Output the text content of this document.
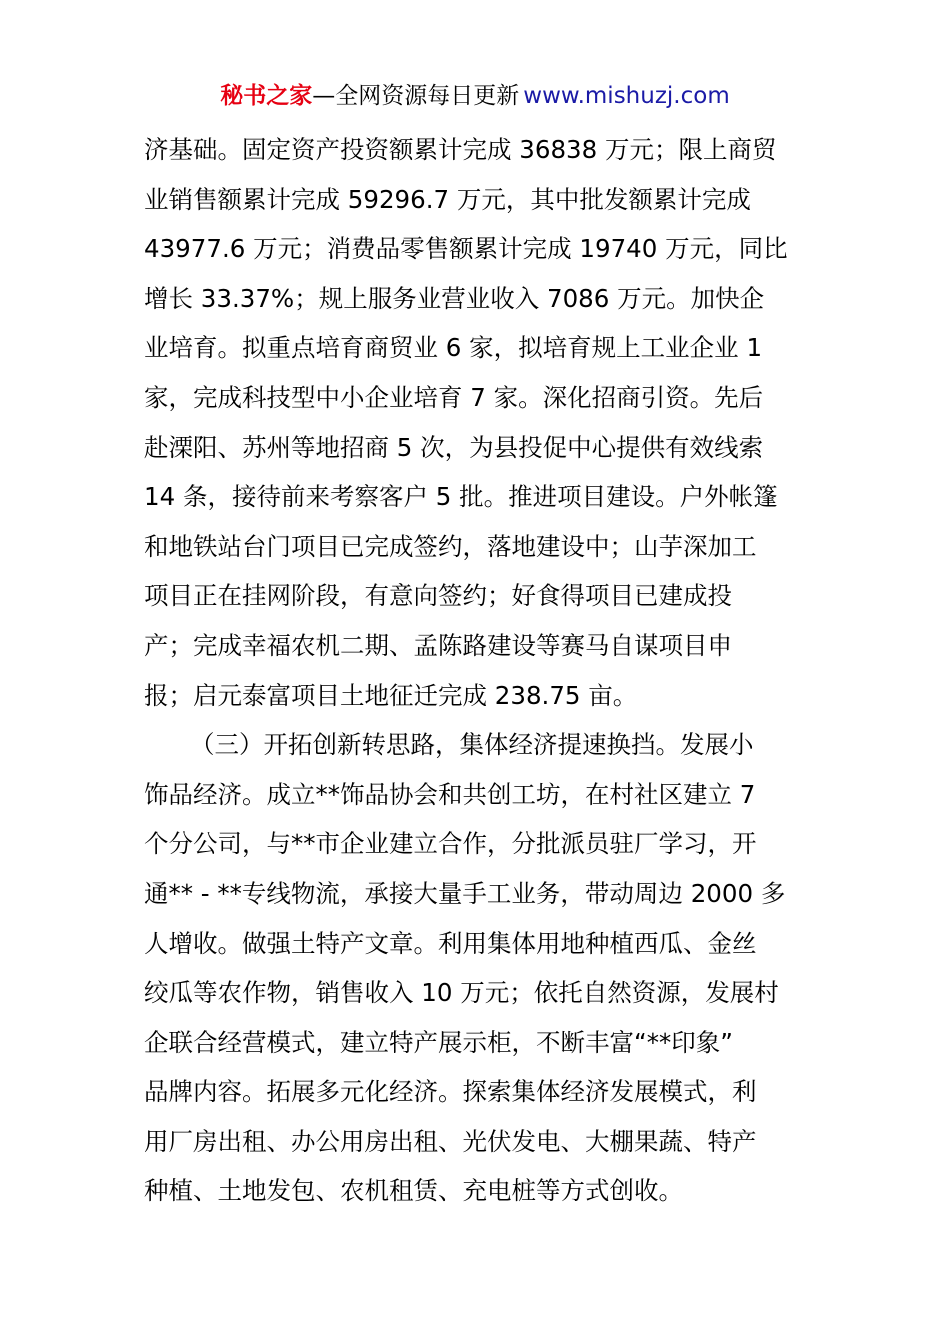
秘书之家—全网资源每日更新 www.mishuzj.com
济基础。固定资产投资额累计完成 36838 万元；限上商贸
业销售额累计完成 59296.7 万元，其中批发额累计完成
43977.6 万元；消费品零售额累计完成 19740 万元，同比
增长 33.37%；规上服务业营业收入 7086 万元。加快企
业培育。拟重点培育商贸业 6 家，拟培育规上工业企业 1
家，完成科技型中小企业培育 7 家。深化招商引资。先后
赴溧阳、苏州等地招商 5 次，为县投促中心提供有效线索
14 条，接待前来考察客户 5 批。推进项目建设。户外帐篷
和地铁站台门项目已完成签约，落地建设中；山芋深加工
项目正在挂网阶段，有意向签约；好食得项目已建成投
产；完成幸福农机二期、孟陈路建设等赛马自谋项目申
报；启元泰富项目土地征迁完成 238.75 亩。
（三）开拓创新转思路，集体经济提速换挡。发展小
饰品经济。成立**饰品协会和共创工坊，在村社区建立 7
个分公司，与**市企业建立合作，分批派员驻厂学习，开
通** - **专线物流，承接大量手工业务，带动周边 2000 多
人增收。做强土特产文章。利用集体用地种植西瓜、金丝
绞瓜等农作物，销售收入 10 万元；依托自然资源，发展村
企联合经营模式，建立特产展示柜，不断丰富“**印象”
品牌内容。拓展多元化经济。探索集体经济发展模式，利
用厂房出租、办公用房出租、光伏发电、大棚果蔬、特产
种植、土地发包、农机租赁、充电桩等方式创收。
